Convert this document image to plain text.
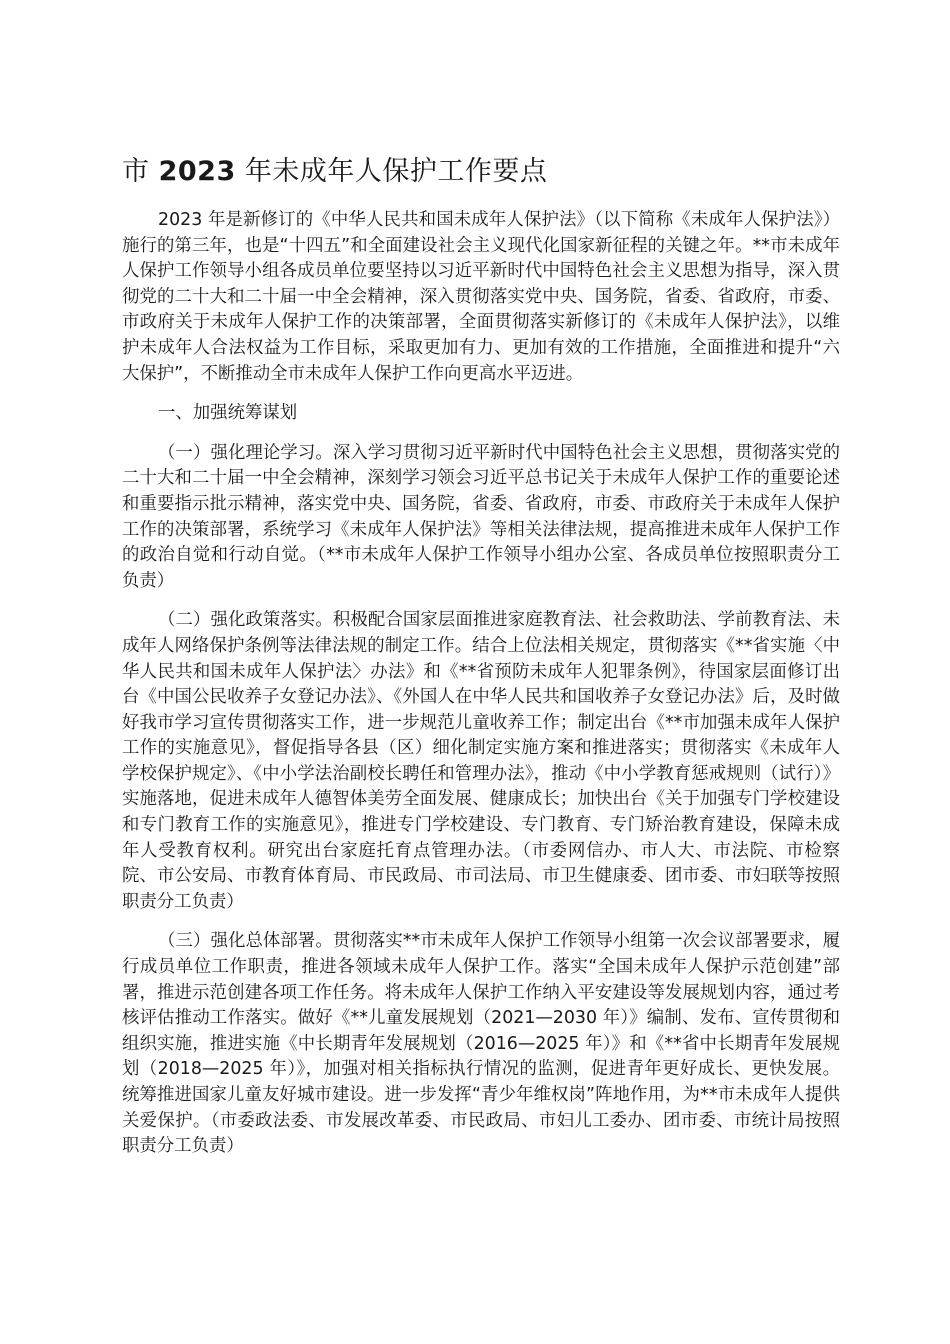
市 2023 年未成年人保护工作要点

2023 年是新修订的《中华人民共和国未成年人保护法》（以下简称《未成年人保护法》）施行的第三年，也是“十四五”和全面建设社会主义现代化国家新征程的关键之年。**市未成年人保护工作领导小组各成员单位要坚持以习近平新时代中国特色社会主义思想为指导，深入贯彻党的二十大和二十届一中全会精神，深入贯彻落实党中央、国务院，省委、省政府，市委、市政府关于未成年人保护工作的决策部署，全面贯彻落实新修订的《未成年人保护法》，以维护未成年人合法权益为工作目标，采取更加有力、更加有效的工作措施，全面推进和提升“六大保护”，不断推动全市未成年人保护工作向更高水平迈进。

一、加强统筹谋划

（一）强化理论学习。深入学习贯彻习近平新时代中国特色社会主义思想，贯彻落实党的二十大和二十届一中全会精神，深刻学习领会习近平总书记关于未成年人保护工作的重要论述和重要指示批示精神，落实党中央、国务院，省委、省政府，市委、市政府关于未成年人保护工作的决策部署，系统学习《未成年人保护法》等相关法律法规，提高推进未成年人保护工作的政治自觉和行动自觉。（**市未成年人保护工作领导小组办公室、各成员单位按照职责分工负责）

（二）强化政策落实。积极配合国家层面推进家庭教育法、社会救助法、学前教育法、未成年人网络保护条例等法律法规的制定工作。结合上位法相关规定，贯彻落实《**省实施〈中华人民共和国未成年人保护法〉办法》和《**省预防未成年人犯罪条例》，待国家层面修订出台《中国公民收养子女登记办法》、《外国人在中华人民共和国收养子女登记办法》后，及时做好我市学习宣传贯彻落实工作，进一步规范儿童收养工作；制定出台《**市加强未成年人保护工作的实施意见》，督促指导各县（区）细化制定实施方案和推进落实；贯彻落实《未成年人学校保护规定》、《中小学法治副校长聘任和管理办法》，推动《中小学教育惩戒规则（试行）》实施落地，促进未成年人德智体美劳全面发展、健康成长；加快出台《关于加强专门学校建设和专门教育工作的实施意见》，推进专门学校建设、专门教育、专门矫治教育建设，保障未成年人受教育权利。研究出台家庭托育点管理办法。（市委网信办、市人大、市法院、市检察院、市公安局、市教育体育局、市民政局、市司法局、市卫生健康委、团市委、市妇联等按照职责分工负责）

（三）强化总体部署。贯彻落实**市未成年人保护工作领导小组第一次会议部署要求，履行成员单位工作职责，推进各领域未成年人保护工作。落实“全国未成年人保护示范创建”部署，推进示范创建各项工作任务。将未成年人保护工作纳入平安建设等发展规划内容，通过考核评估推动工作落实。做好《**儿童发展规划（2021—2030 年）》编制、发布、宣传贯彻和组织实施，推进实施《中长期青年发展规划（2016—2025 年）》和《**省中长期青年发展规划（2018—2025 年）》，加强对相关指标执行情况的监测，促进青年更好成长、更快发展。统筹推进国家儿童友好城市建设。进一步发挥“青少年维权岗”阵地作用，为**市未成年人提供关爱保护。（市委政法委、市发展改革委、市民政局、市妇儿工委办、团市委、市统计局按照职责分工负责）
